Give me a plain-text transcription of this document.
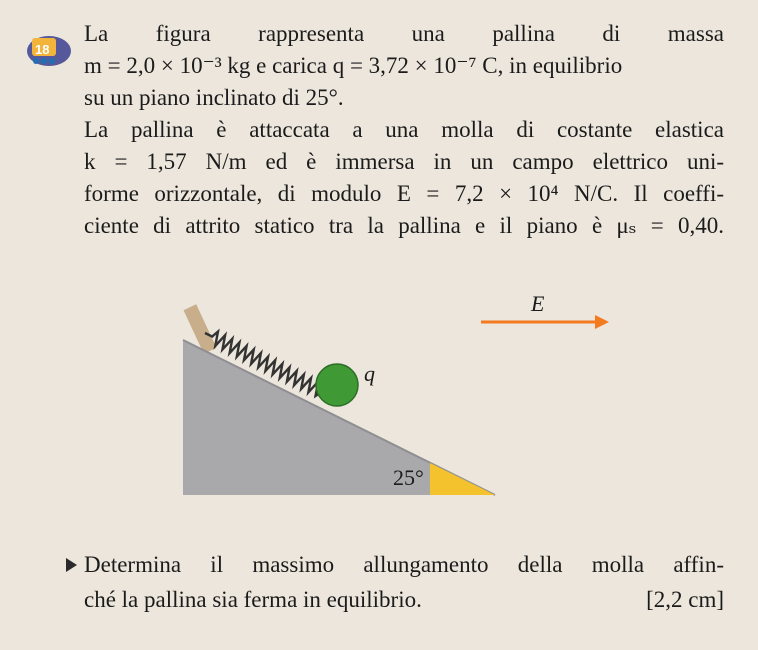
18
La figura rappresenta una pallina di massa
m = 2,0 × 10⁻³ kg e carica q = 3,72 × 10⁻⁷ C, in equilibrio
su un piano inclinato di 25°.
La pallina è attaccata a una molla di costante elastica
k = 1,57 N/m ed è immersa in un campo elettrico uni-
forme orizzontale, di modulo E = 7,2 × 10⁴ N/C. Il coeffi-
ciente di attrito statico tra la pallina e il piano è μₛ = 0,40.
25°
q
E⃗
Determina il massimo allungamento della molla affin-
ché la pallina sia ferma in equilibrio.	[2,2 cm]
